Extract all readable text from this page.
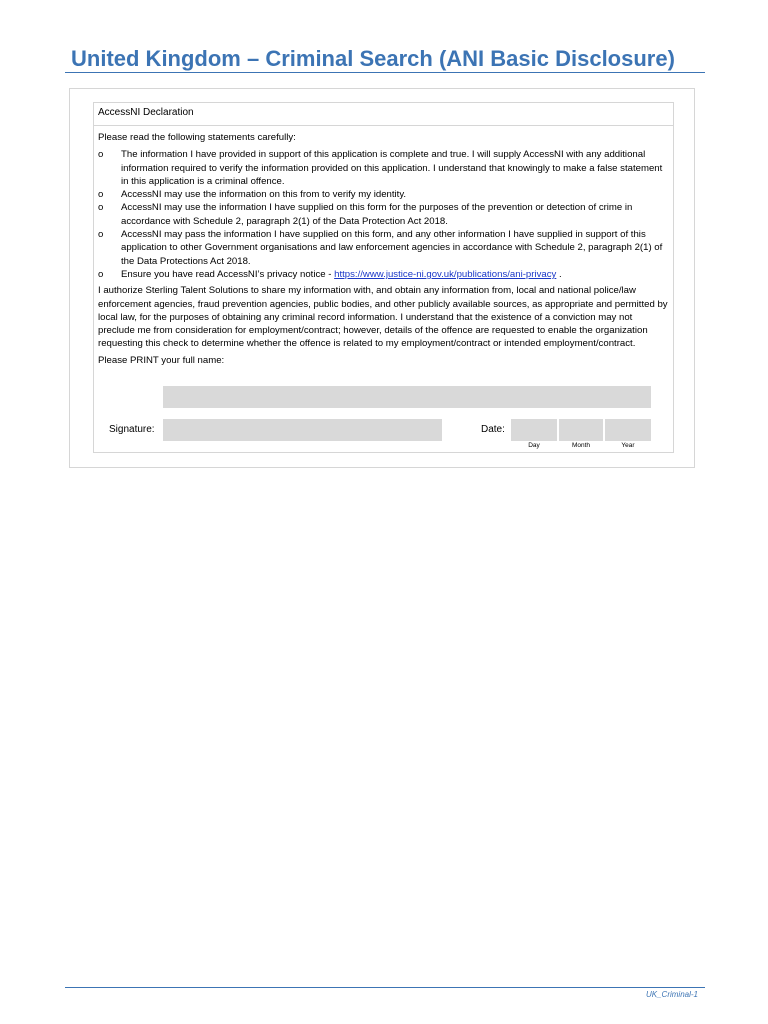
United Kingdom – Criminal Search (ANI Basic Disclosure)
AccessNI Declaration
Please read the following statements carefully:
o The information I have provided in support of this application is complete and true. I will supply AccessNI with any additional information required to verify the information provided on this application. I understand that knowingly to make a false statement in this application is a criminal offence.
o AccessNI may use the information on this from to verify my identity.
o AccessNI may use the information I have supplied on this form for the purposes of the prevention or detection of crime in accordance with Schedule 2, paragraph 2(1) of the Data Protection Act 2018.
o AccessNI may pass the information I have supplied on this form, and any other information I have supplied in support of this application to other Government organisations and law enforcement agencies in accordance with Schedule 2, paragraph 2(1) of the Data Protections Act 2018.
o Ensure you have read AccessNI’s privacy notice - https://www.justice-ni.gov.uk/publications/ani-privacy .
I authorize Sterling Talent Solutions to share my information with, and obtain any information from, local and national police/law enforcement agencies, fraud prevention agencies, public bodies, and other publicly available sources, as appropriate and permitted by local law, for the purposes of obtaining any criminal record information. I understand that the existence of a conviction may not preclude me from consideration for employment/contract; however, details of the offence are requested to enable the organization requesting this check to determine whether the offence is related to my employment/contract or intended employment/contract.
Please PRINT your full name:
Signature:	Date:
Day	Month	Year
UK_Criminal-1
